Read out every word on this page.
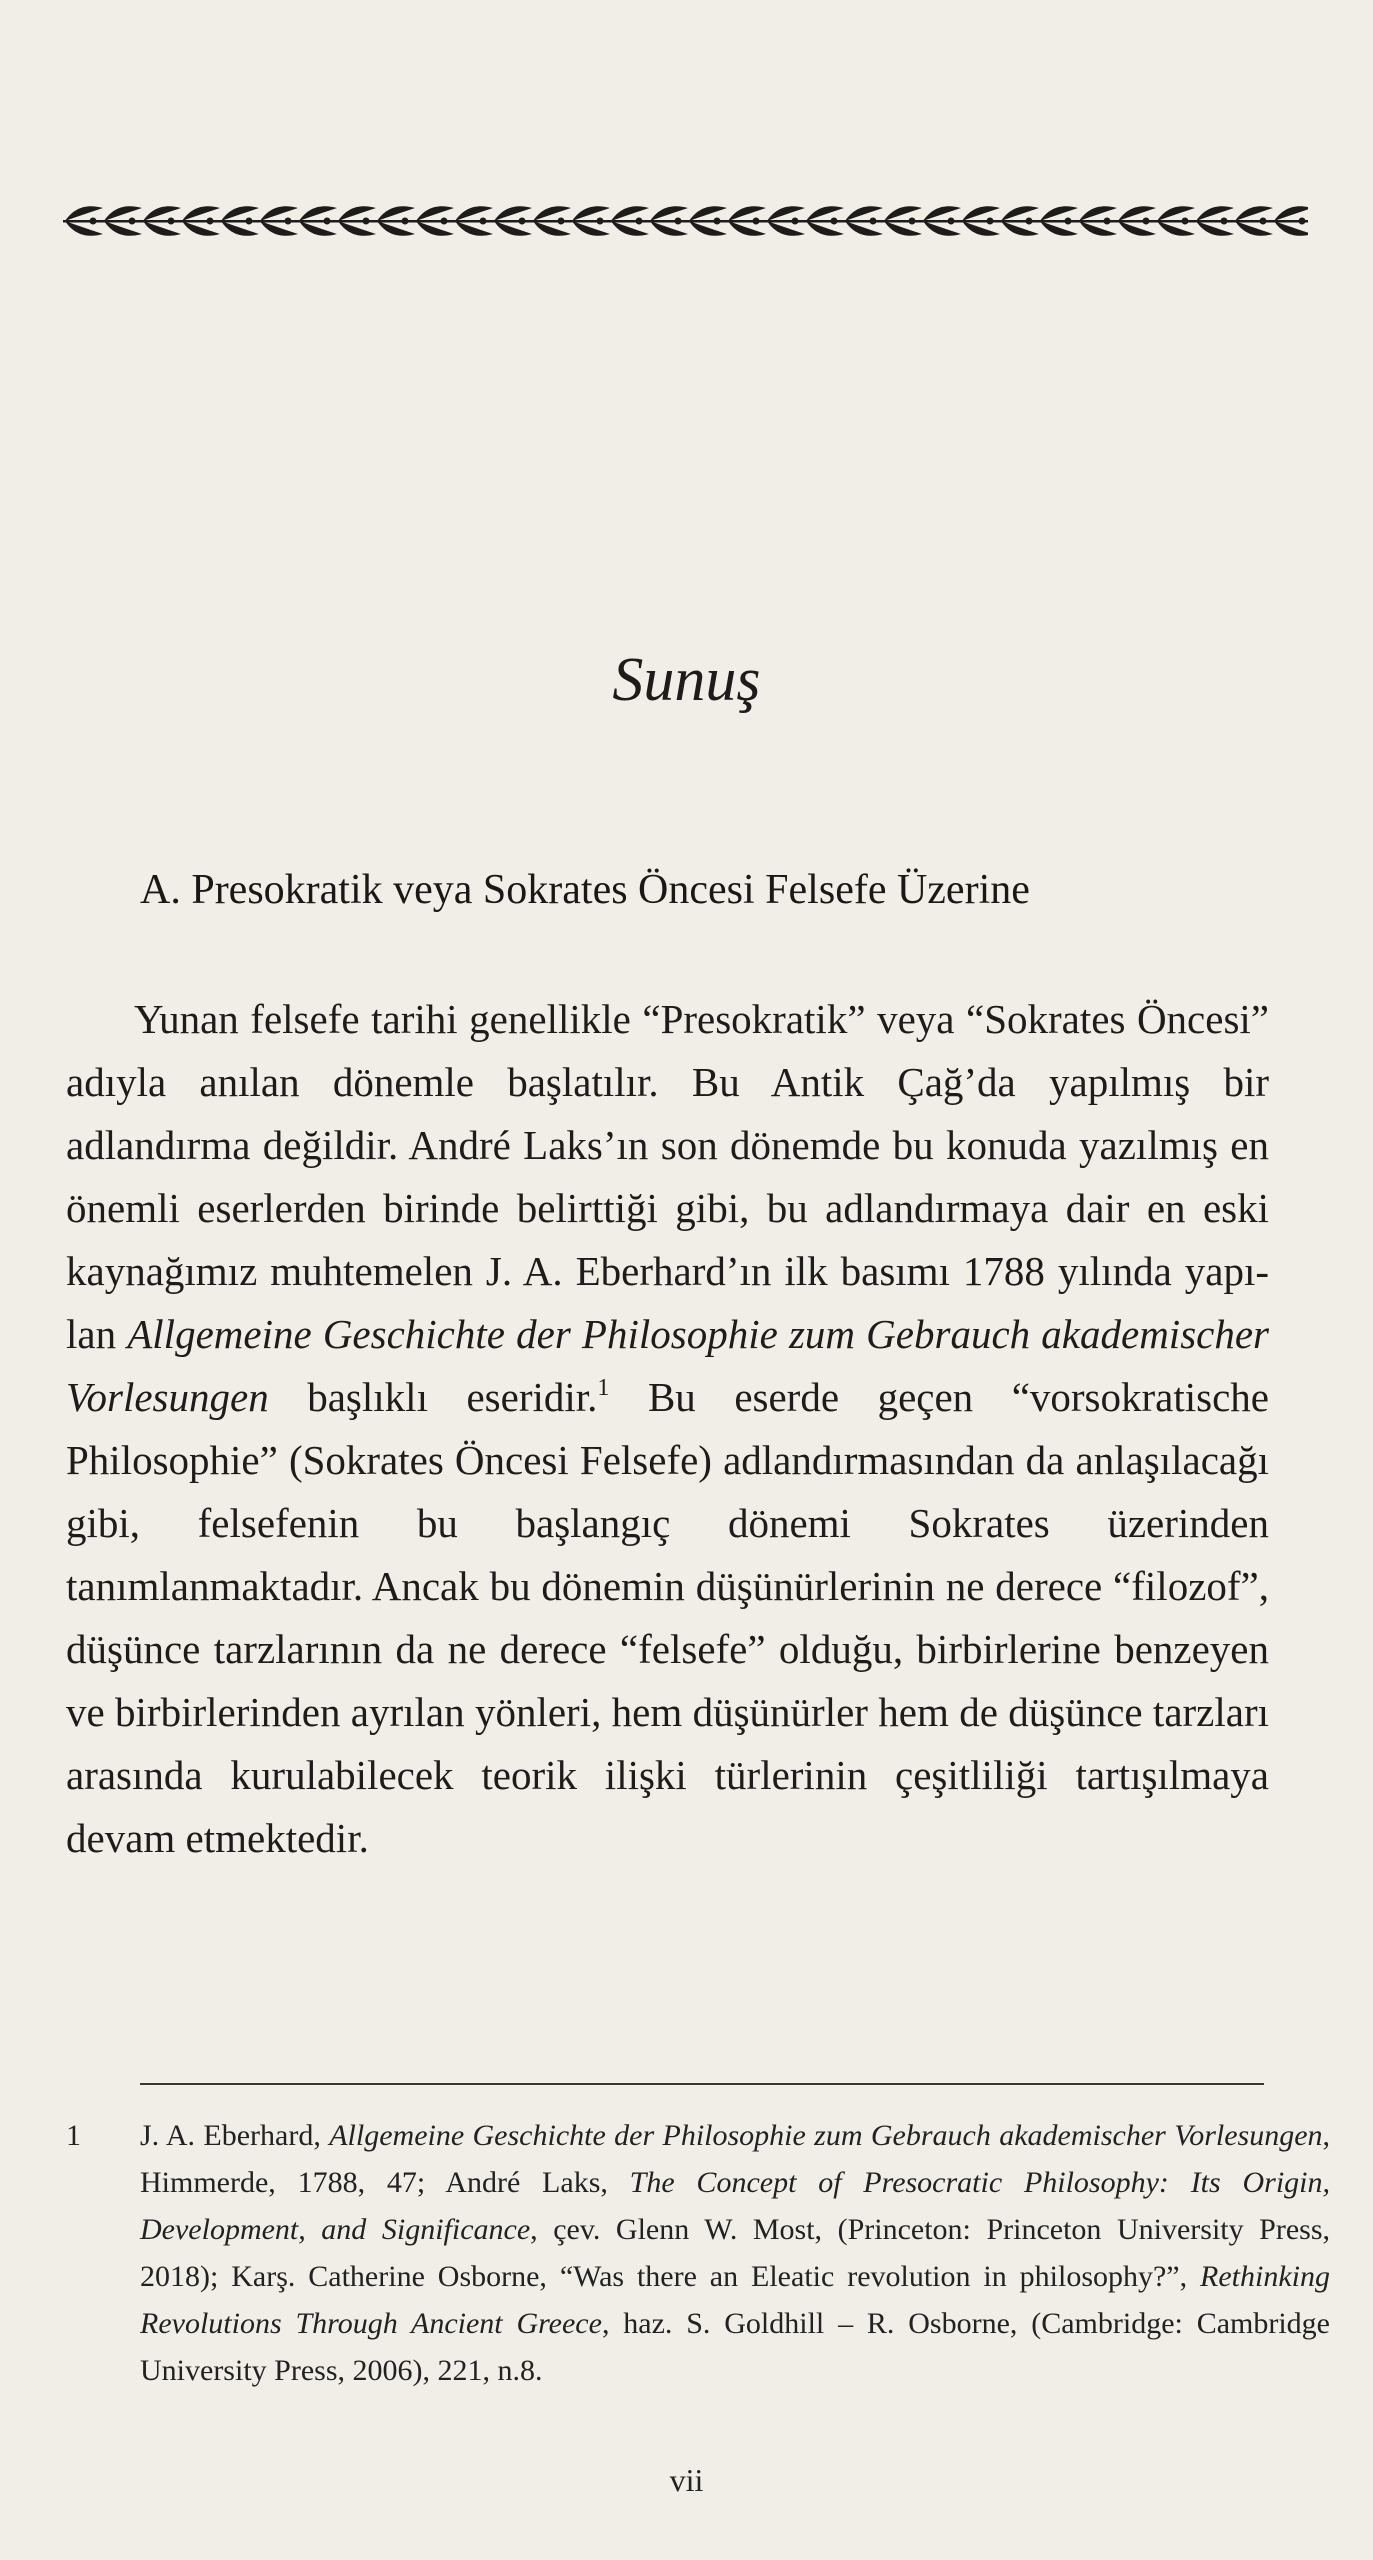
Sunuş
A. Presokratik veya Sokrates Öncesi Felsefe Üzerine

Yunan felsefe tarihi genellikle “Presokratik” veya “Sokrates Öncesi” adıyla anılan dönemle başlatılır. Bu Antik Çağ’da yapılmış bir adlandırma değildir. André Laks’ın son dönemde bu konuda yazılmış en önemli eserlerden birinde belirttiği gibi, bu adlandırmaya dair en eski kaynağımız muhtemelen J. A. Eberhard’ın ilk basımı 1788 yılında yapılan Allgemeine Geschichte der Philosophie zum Gebrauch akademischer Vorlesungen başlıklı eseridir.$^1$ Bu eserde geçen “vorsokratische Philosophie” (Sokrates Öncesi Felsefe) adlandırmasından da anlaşılacağı gibi, felsefenin bu başlangıç dönemi Sokrates üzerinden tanımlanmaktadır. Ancak bu dönemin düşünürlerinin ne derece “filozof”, düşünce tarzlarının da ne derece “felsefe” olduğu, birbirlerine benzeyen ve birbirlerinden ayrılan yönleri, hem düşünürler hem de düşünce tarzları arasında kurulabilecek teorik ilişki türlerinin çeşitliliği tartışılmaya devam etmektedir.

1	J. A. Eberhard, Allgemeine Geschichte der Philosophie zum Gebrauch akademischer Vorlesungen, Himmerde, 1788, 47; André Laks, The Concept of Presocratic Philosophy: Its Origin, Development, and Significance, çev. Glenn W. Most, (Princeton: Princeton University Press, 2018); Karş. Catherine Osborne, “Was there an Eleatic revolution in philosophy?”, Rethinking Revolutions Through Ancient Greece, haz. S. Goldhill – R. Osborne, (Cambridge: Cambridge University Press, 2006), 221, n.8.
vii
